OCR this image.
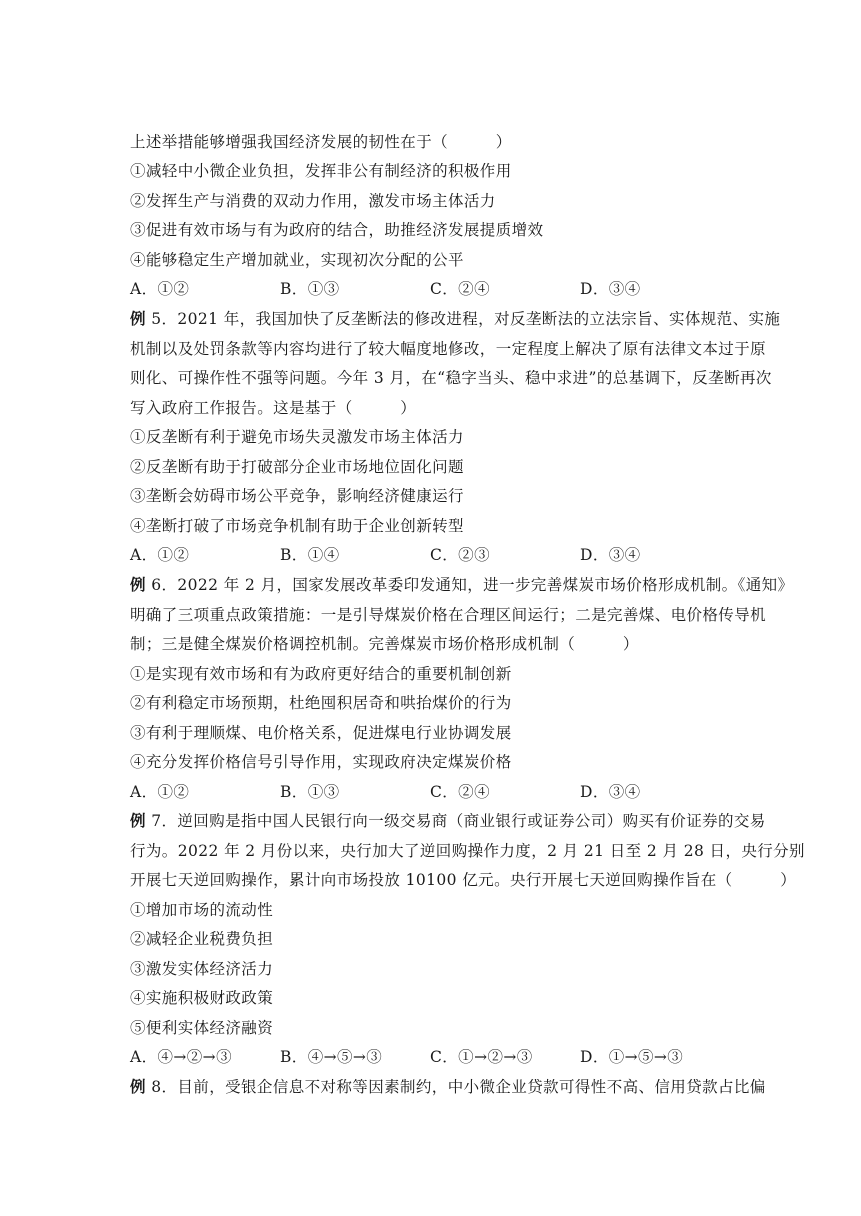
上述举措能够增强我国经济发展的韧性在于（　　　）
①减轻中小微企业负担，发挥非公有制经济的积极作用
②发挥生产与消费的双动力作用，激发市场主体活力
③促进有效市场与有为政府的结合，助推经济发展提质增效
④能够稳定生产增加就业，实现初次分配的公平
A．①②	B．①③	C．②④	D．③④
例 5．2021 年，我国加快了反垄断法的修改进程，对反垄断法的立法宗旨、实体规范、实施
机制以及处罚条款等内容均进行了较大幅度地修改，一定程度上解决了原有法律文本过于原
则化、可操作性不强等问题。今年 3 月，在“稳字当头、稳中求进”的总基调下，反垄断再次
写入政府工作报告。这是基于（　　　）
①反垄断有利于避免市场失灵激发市场主体活力
②反垄断有助于打破部分企业市场地位固化问题
③垄断会妨碍市场公平竞争，影响经济健康运行
④垄断打破了市场竞争机制有助于企业创新转型
A．①②	B．①④	C．②③	D．③④
例 6．2022 年 2 月，国家发展改革委印发通知，进一步完善煤炭市场价格形成机制。《通知》
明确了三项重点政策措施：一是引导煤炭价格在合理区间运行；二是完善煤、电价格传导机
制；三是健全煤炭价格调控机制。完善煤炭市场价格形成机制（　　　）
①是实现有效市场和有为政府更好结合的重要机制创新
②有利稳定市场预期，杜绝囤积居奇和哄抬煤价的行为
③有利于理顺煤、电价格关系，促进煤电行业协调发展
④充分发挥价格信号引导作用，实现政府决定煤炭价格
A．①②	B．①③	C．②④	D．③④
例 7．逆回购是指中国人民银行向一级交易商（商业银行或证券公司）购买有价证券的交易
行为。2022 年 2 月份以来，央行加大了逆回购操作力度，2 月 21 日至 2 月 28 日，央行分别
开展七天逆回购操作，累计向市场投放 10100 亿元。央行开展七天逆回购操作旨在（　　　）
①增加市场的流动性
②减轻企业税费负担
③激发实体经济活力
④实施积极财政政策
⑤便利实体经济融资
A．④→②→③	B．④→⑤→③	C．①→②→③	D．①→⑤→③
例 8．目前，受银企信息不对称等因素制约，中小微企业贷款可得性不高、信用贷款占比偏
